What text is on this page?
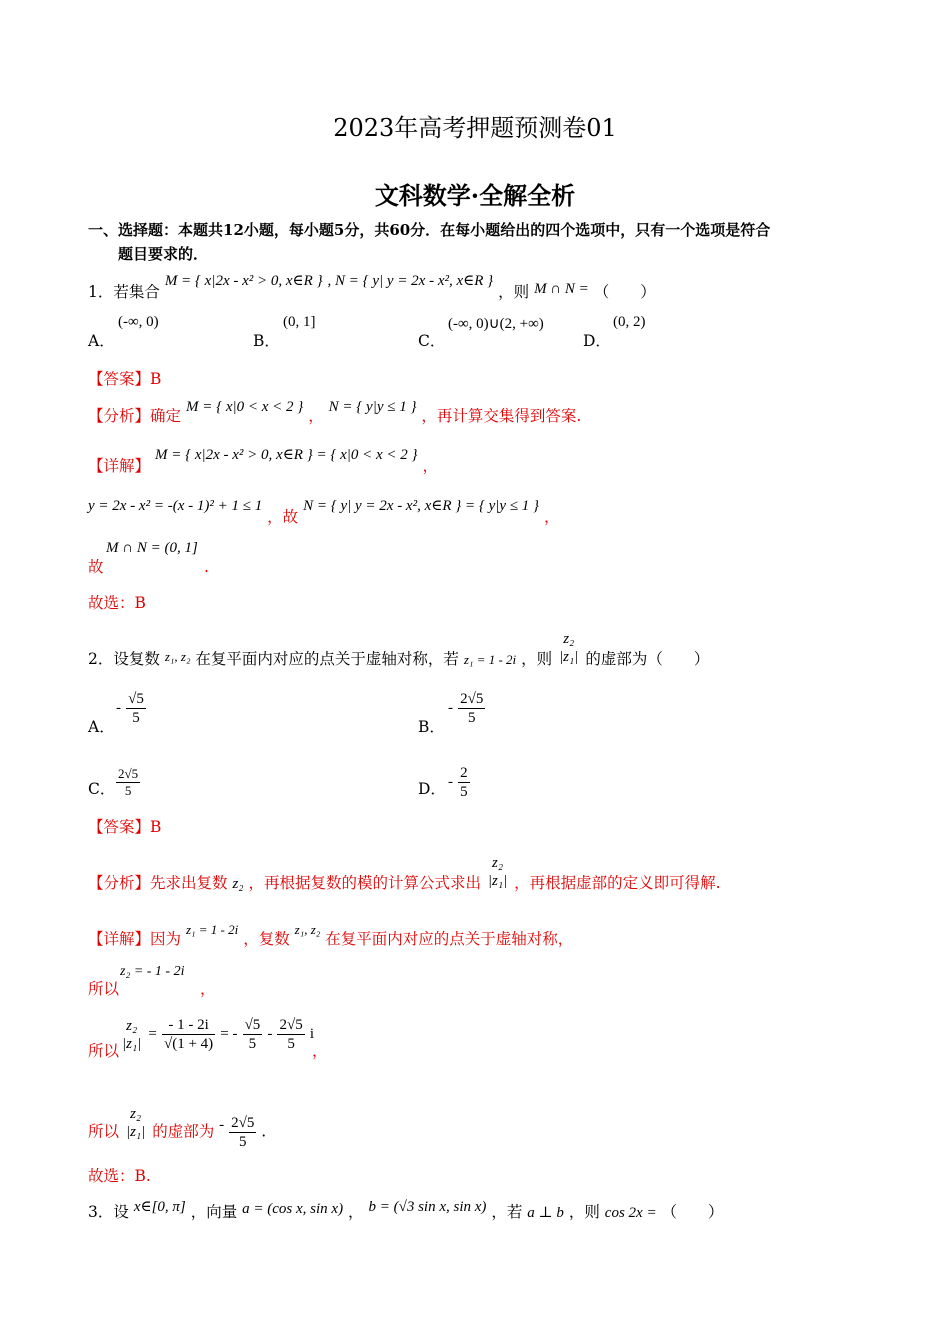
2023年高考押题预测卷01
文科数学·全解全析
一、选择题：本题共12小题，每小题5分，共60分．在每小题给出的四个选项中，只有一个选项是符合
题目要求的．
1．若集合 M = { x|2x - x² > 0, x∈R } , N = { y| y = 2x - x², x∈R } ，则 M ∩ N = （　　）
A．
(-∞, 0)
B．
(0, 1]
C．
(-∞, 0)∪(2, +∞)
D．
(0, 2)
【答案】B
【分析】确定 M = { x|0 < x < 2 } ， N = { y|y ≤ 1 } ，再计算交集得到答案.
【详解】 M = { x|2x - x² > 0, x∈R } = { x|0 < x < 2 } ，
y = 2x - x² = -(x - 1)² + 1 ≤ 1 ，故 N = { y| y = 2x - x², x∈R } = { y|y ≤ 1 } ，
故
M ∩ N = (0, 1]
.
故选：B
2．设复数 z₁, z₂ 在复平面内对应的点关于虚轴对称，若 z₁ = 1 - 2i ，则
z₂
|z₁| 的虚部为（　　）
A．
- $\frac{√5}{5}$	B．
- $\frac{2√5}{5}$
C． $\frac{2√5}{5}$	D． - $\frac{2}{5}$
【答案】B
【分析】先求出复数 z₂ ，再根据复数的模的计算公式求出
z₂
|z₁| ，再根据虚部的定义即可得解.
【详解】因为 $^{z_1 = 1 - 2i}$ ，复数 $^{z_1, z_2}$ 在复平面内对应的点关于虚轴对称，
所以
z₂ = - 1 - 2i
，
所以
z₂
|z₁|
= $\frac{- 1 - 2i}{√(1 + 4)}$ = - $\frac{√5}{5} - \frac{2√5}{5}$ i
，
所以
z₂
|z₁| 的虚部为 - $\frac{2√5}{5}$ .
故选：B.
3．设 x∈[0, π] ，向量 a = (cos x, sin x) ， b = (√3 sin x, sin x) ，若 a ⊥ b ，则 cos 2x = （　　）
